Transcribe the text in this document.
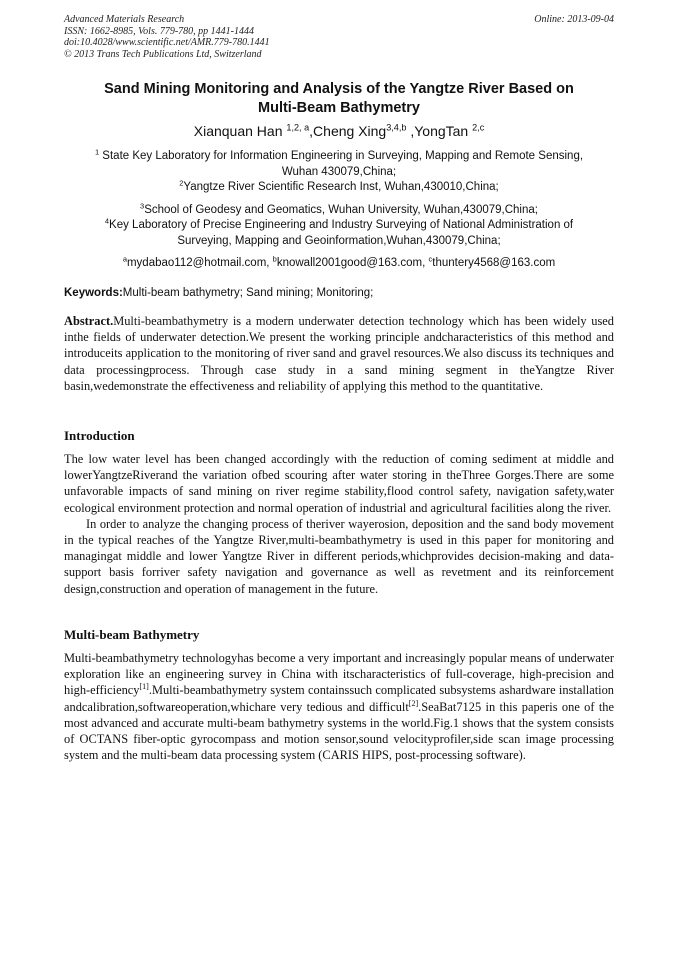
Advanced Materials Research
ISSN: 1662-8985, Vols. 779-780, pp 1441-1444
doi:10.4028/www.scientific.net/AMR.779-780.1441
© 2013 Trans Tech Publications Ltd, Switzerland
Online: 2013-09-04
Sand Mining Monitoring and Analysis of the Yangtze River Based on
Multi-Beam Bathymetry
Xianquan Han $^{1,2, a}$,Cheng Xing$^{3,4,b}$ ,YongTan $^{2,c}$

$^1$ State Key Laboratory for Information Engineering in Surveying, Mapping and Remote Sensing,

Wuhan 430079,China;

$^2$Yangtze River Scientific Research Inst, Wuhan,430010,China;

$^3$School of Geodesy and Geomatics, Wuhan University, Wuhan,430079,China;

$^4$Key Laboratory of Precise Engineering and Industry Surveying of National Administration of

Surveying, Mapping and Geoinformation,Wuhan,430079,China;

$^a$mydabao112@hotmail.com, $^b$knowall2001good@163.com, $^c$thuntery4568@163.com

Keywords:Multi-beam bathymetry; Sand mining; Monitoring;

Abstract.Multi-beambathymetry is a modern underwater detection technology which has been widely used inthe fields of underwater detection.We present the working principle andcharacteristics of this method and introduceits application to the monitoring of river sand and gravel resources.We also discuss its techniques and data processingprocess. Through case study in a sand mining segment in theYangtze River basin,wedemonstrate the effectiveness and reliability of applying this method to the quantitative.

Introduction

The low water level has been changed accordingly with the reduction of coming sediment at middle and lowerYangtzeRiverand the variation ofbed scouring after water storing in theThree Gorges.There are some unfavorable impacts of sand mining on river regime stability,flood control safety, navigation safety,water ecological environment protection and normal operation of industrial and agricultural facilities along the river.

In order to analyze the changing process of theriver wayerosion, deposition and the sand body movement in the typical reaches of the Yangtze River,multi-beambathymetry is used in this paper for monitoring and managingat middle and lower Yangtze River in different periods,whichprovides decision-making and data-support basis forriver safety navigation and governance as well as revetment and its reinforcement design,construction and operation of management in the future.

Multi-beam Bathymetry

Multi-beambathymetry technologyhas become a very important and increasingly popular means of underwater exploration like an engineering survey in China with itscharacteristics of full-coverage, high-precision and high-efficiency[1].Multi-beambathymetry system containssuch complicated subsystems ashardware installation andcalibration,softwareoperation,whichare very tedious and difficult[2].SeaBat7125 in this paperis one of the most advanced and accurate multi-beam bathymetry systems in the world.Fig.1 shows that the system consists of OCTANS fiber-optic gyrocompass and motion sensor,sound velocityprofiler,side scan image processing system and the multi-beam data processing system (CARIS HIPS, post-processing software).
